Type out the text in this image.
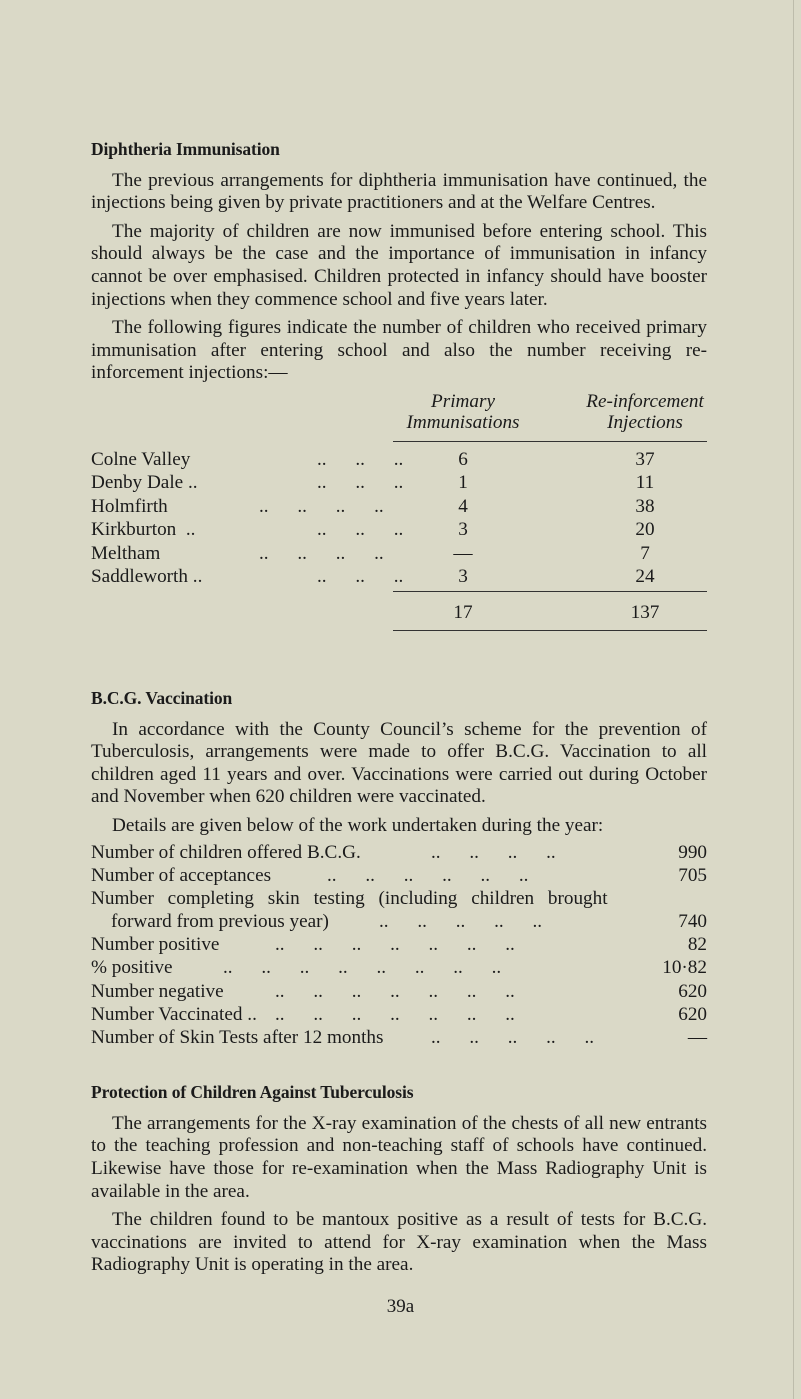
Diphtheria Immunisation

The previous arrangements for diphtheria immunisation have continued, the injections being given by private practitioners and at the Welfare Centres.

The majority of children are now immunised before entering school. This should always be the case and the importance of immunisation in infancy cannot be over emphasised. Children protected in infancy should have booster injections when they commence school and five years later.

The following figures indicate the number of children who received primary immunisation after entering school and also the number receiving re-inforcement injections:—

Primary
Immunisations
Re-inforcement
Injections
Colne Valley	..      ..      ..	6	37
Denby Dale ..	..      ..      ..	1	11
Holmfirth	..      ..      ..      ..	4	38
Kirkburton  ..	..      ..      ..	3	20
Meltham	..      ..      ..      ..	—	7
Saddleworth ..	..      ..      ..	3	24
17	137
B.C.G. Vaccination

In accordance with the County Council’s scheme for the prevention of Tuberculosis, arrangements were made to offer B.C.G. Vaccination to all children aged 11 years and over. Vaccinations were carried out during October and November when 620 children were vaccinated.

Details are given below of the work undertaken during the year:

Number of children offered B.C.G.	..      ..      ..      ..	990
Number of acceptances	..      ..      ..      ..      ..      ..	705
Number completing skin testing (including children brought
forward from previous year)	..      ..      ..      ..      ..	740
Number positive	..      ..      ..      ..      ..      ..      ..	82
% positive	..      ..      ..      ..      ..      ..      ..      ..	10·82
Number negative	..      ..      ..      ..      ..      ..      ..	620
Number Vaccinated .. ..      ..      ..      ..      ..      ..      ..	620
Number of Skin Tests after 12 months ..      ..      ..      ..      ..	—
Protection of Children Against Tuberculosis

The arrangements for the X-ray examination of the chests of all new entrants to the teaching profession and non-teaching staff of schools have continued. Likewise have those for re-examination when the Mass Radiography Unit is available in the area.

The children found to be mantoux positive as a result of tests for B.C.G. vaccinations are invited to attend for X-ray examination when the Mass Radiography Unit is operating in the area.

39a
